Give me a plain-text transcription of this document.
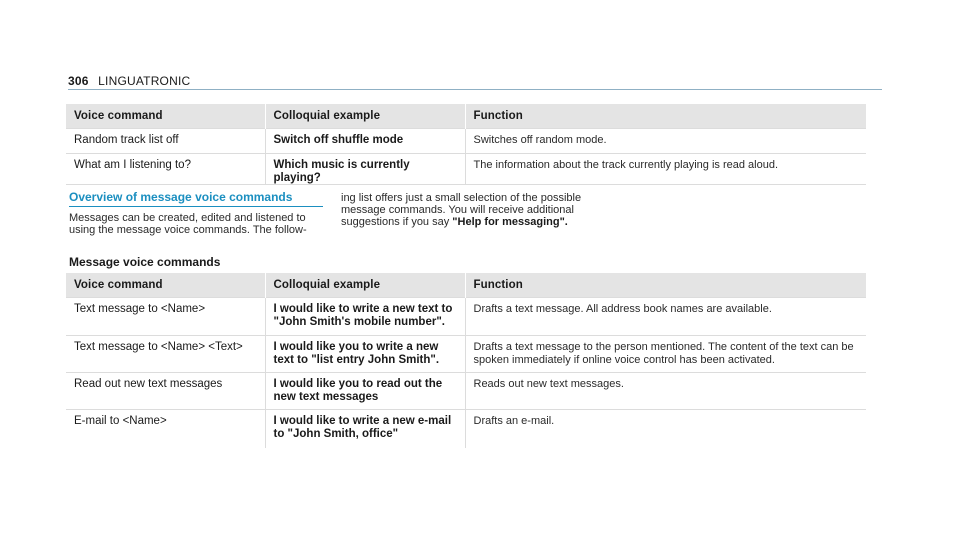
306 LINGUATRONIC
Voice command	Colloquial example	Function
Random track list off	Switch off shuffle mode	Switches off random mode.
What am I listening to?	Which music is currently playing?	The information about the track currently playing is read aloud.
Overview of message voice commands
Messages can be created, edited and listened to using the message voice commands. The follow-
ing list offers just a small selection of the possible message commands. You will receive additional suggestions if you say "Help for messaging".
Message voice commands
Voice command	Colloquial example	Function
Text message to <Name>	I would like to write a new text to "John Smith's mobile number".	Drafts a text message. All address book names are available.
Text message to <Name> <Text>	I would like you to write a new text to "list entry John Smith".	Drafts a text message to the person mentioned. The content of the text can be spoken immediately if online voice control has been activated.
Read out new text messages	I would like you to read out the new text messages	Reads out new text messages.
E-mail to <Name>	I would like to write a new e-mail to "John Smith, office"	Drafts an e-mail.
